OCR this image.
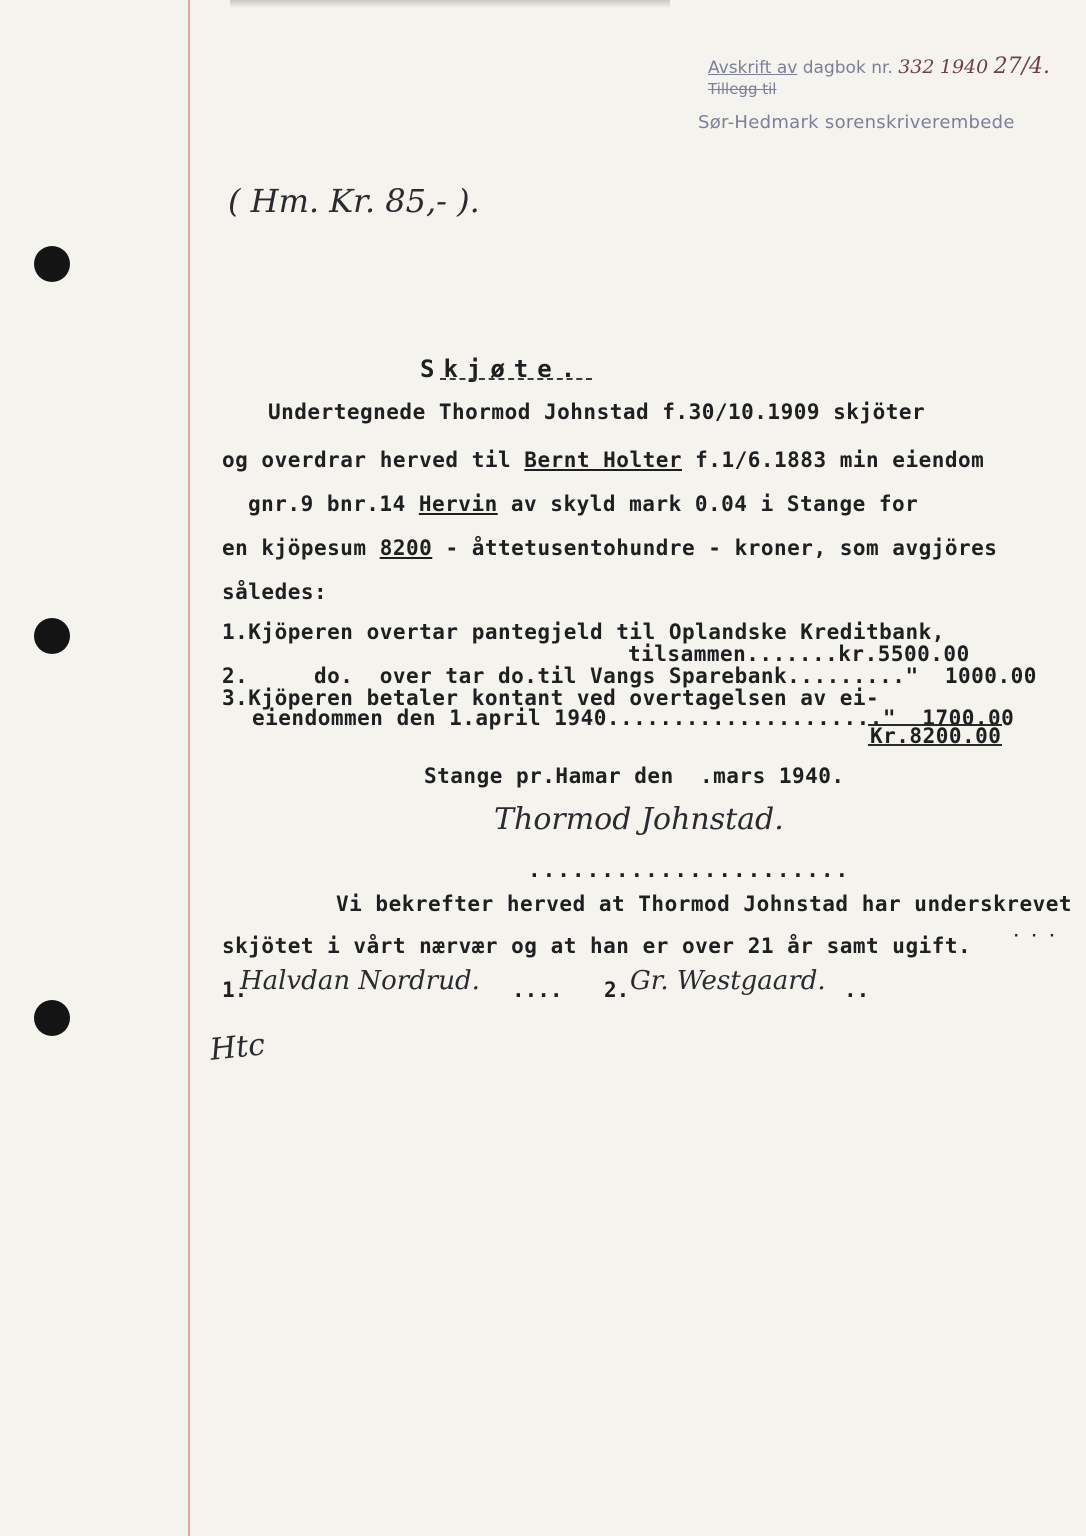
Avskrift av dagbok nr. 332 1940 27/4.
Tillegg til
Sør-Hedmark sorenskriverembede
( Hm. Kr. 85,- ).
Skjøte.
Undertegnede Thormod Johnstad f.30/10.1909 skjöter
og overdrar herved til Bernt Holter f.1/6.1883 min eiendom
gnr.9 bnr.14 Hervin av skyld mark 0.04 i Stange for
en kjöpesum 8200 - åttetusentohundre - kroner, som avgjöres
således:
1.Kjöperen overtar pantegjeld til Oplandske Kreditbank,
tilsammen.......kr.5500.00
2.     do.  over tar do.til Vangs Sparebank........."  1000.00
3.Kjöperen betaler kontant ved overtagelsen av ei-
eiendommen den 1.april 1940....................."  1700.00
Kr.8200.00
Stange pr.Hamar den  .mars 1940.
Thormod Johnstad.
......................
Vi bekrefter herved at Thormod Johnstad har underskrevet
skjötet i vårt nærvær og at han er over 21 år samt ugift.	· · ·
1.
Halvdan Nordrud. .... 2. Gr. Westgaard. ..
Htc
